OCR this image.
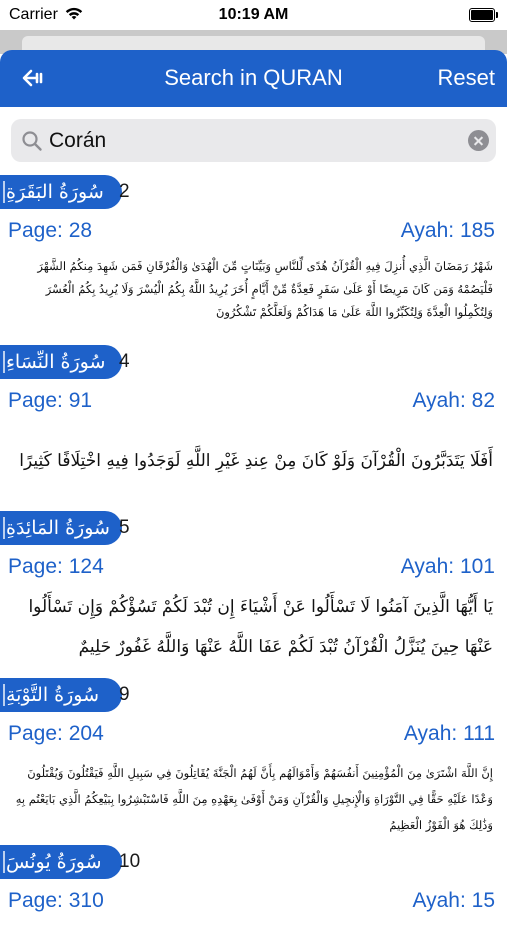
Carrier	10:19 AM
Search in QURAN	Reset
Corán
سُورَةُ البَقَرَةِ 2
Page: 28	Ayah: 185
شَهْرُ رَمَضَانَ الَّذِي أُنزِلَ فِيهِ الْقُرْآنُ هُدًى لِّلنَّاسِ وَبَيِّنَاتٍ مِّنَ الْهُدَىٰ وَالْفُرْقَانِ فَمَن شَهِدَ مِنكُمُ الشَّهْرَ فَلْيَصُمْهُ وَمَن كَانَ مَرِيضًا أَوْ عَلَىٰ سَفَرٍ فَعِدَّةٌ مِّنْ أَيَّامٍ أُخَرَ يُرِيدُ اللَّهُ بِكُمُ الْيُسْرَ وَلَا يُرِيدُ بِكُمُ الْعُسْرَ وَلِتُكْمِلُوا الْعِدَّةَ وَلِتُكَبِّرُوا اللَّهَ عَلَىٰ مَا هَدَاكُمْ وَلَعَلَّكُمْ تَشْكُرُونَ
سُورَةُ النِّسَاءِ 4
Page: 91	Ayah: 82
أَفَلَا يَتَدَبَّرُونَ الْقُرْآنَ وَلَوْ كَانَ مِنْ عِندِ غَيْرِ اللَّهِ لَوَجَدُوا فِيهِ اخْتِلَافًا كَثِيرًا
سُورَةُ المَائِدَةِ 5
Page: 124	Ayah: 101
يَا أَيُّهَا الَّذِينَ آمَنُوا لَا تَسْأَلُوا عَنْ أَشْيَاءَ إِن تُبْدَ لَكُمْ تَسُؤْكُمْ وَإِن تَسْأَلُوا عَنْهَا حِينَ يُنَزَّلُ الْقُرْآنُ تُبْدَ لَكُمْ عَفَا اللَّهُ عَنْهَا وَاللَّهُ غَفُورٌ حَلِيمٌ
سُورَةُ التَّوْبَةِ	9
Page: 204	Ayah: 111
إِنَّ اللَّهَ اشْتَرَىٰ مِنَ الْمُؤْمِنِينَ أَنفُسَهُمْ وَأَمْوَالَهُم بِأَنَّ لَهُمُ الْجَنَّةَ يُقَاتِلُونَ فِي سَبِيلِ اللَّهِ فَيَقْتُلُونَ وَيُقْتَلُونَ وَعْدًا عَلَيْهِ حَقًّا فِي التَّوْرَاةِ وَالْإِنجِيلِ وَالْقُرْآنِ وَمَنْ أَوْفَىٰ بِعَهْدِهِ مِنَ اللَّهِ فَاسْتَبْشِرُوا بِبَيْعِكُمُ الَّذِي بَايَعْتُم بِهِ وَذَٰلِكَ هُوَ الْفَوْزُ الْعَظِيمُ
سُورَةُ يُونُسَ 10
Page: 310	Ayah: 15
